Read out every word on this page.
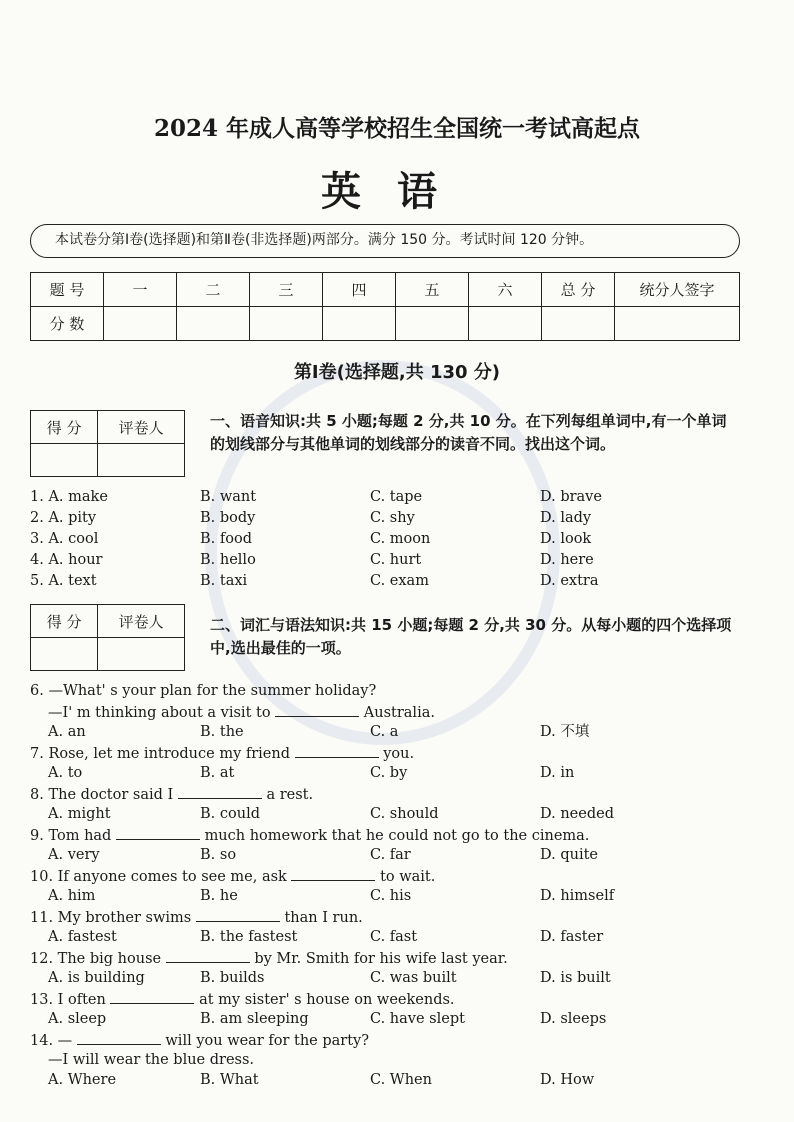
2024 年成人高等学校招生全国统一考试高起点
英语
本试卷分第Ⅰ卷(选择题)和第Ⅱ卷(非选择题)两部分。满分 150 分。考试时间 120 分钟。
题 号	一	二	三	四	五	六	总 分	统分人签字
分 数								
第Ⅰ卷(选择题,共 130 分)
得 分	评卷人
		一、语音知识:共 5 小题;每题 2 分,共 10 分。在下列每组单词中,有一个单词的划线部分与其他单词的划线部分的读音不同。找出这个词。
1. A. make	B. want	C. tape	D. brave
2. A. pity	B. body	C. shy	D. lady
3. A. cool	B. food	C. moon	D. look
4. A. hour	B. hello	C. hurt	D. here
5. A. text	B. taxi	C. exam	D. extra
得 分	评卷人
		二、词汇与语法知识:共 15 小题;每题 2 分,共 30 分。从每小题的四个选择项中,选出最佳的一项。
6. —What' s your plan for the summer holiday?
—I' m thinking about a visit to	Australia.
A. an	B. the	C. a	D. 不填
7. Rose, let me introduce my friend	you.
A. to	B. at	C. by	D. in
8. The doctor said I	a rest.
A. might	B. could	C. should	D. needed
9. Tom had	much homework that he could not go to the cinema.
A. very	B. so	C. far	D. quite
10. If anyone comes to see me, ask	to wait.
A. him	B. he	C. his	D. himself
11. My brother swims	than I run.
A. fastest	B. the fastest	C. fast	D. faster
12. The big house	by Mr. Smith for his wife last year.
A. is building	B. builds	C. was built	D. is built
13. I often	at my sister' s house on weekends.
A. sleep	B. am sleeping	C. have slept	D. sleeps
14. —	will you wear for the party?
—I will wear the blue dress.
A. Where	B. What	C. When	D. How
